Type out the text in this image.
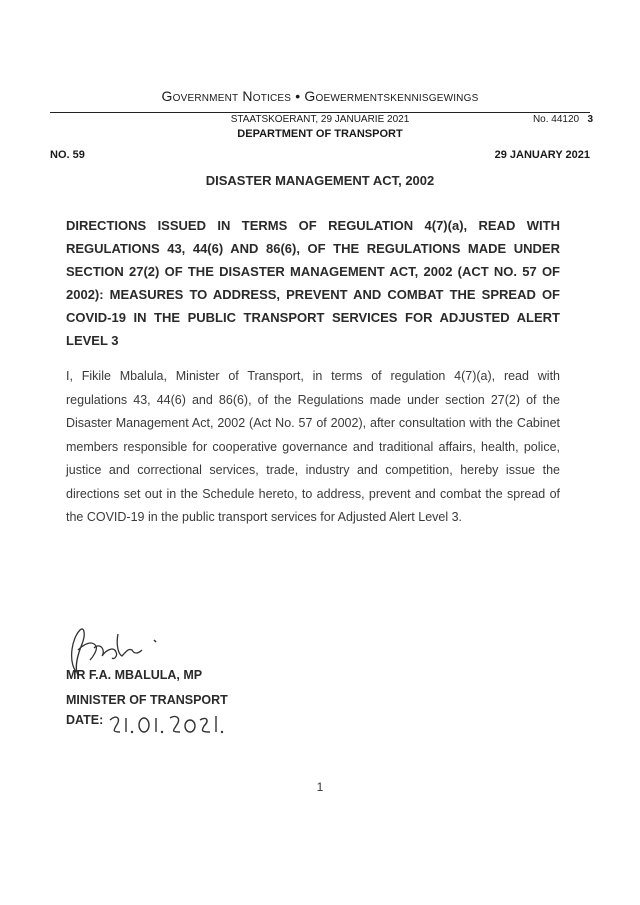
STAATSKOERANT, 29 JANUARIE 2021	No. 44120 3
Government Notices • Goewermentskennisgewings
DEPARTMENT OF TRANSPORT
NO. 59	29 JANUARY 2021
DISASTER MANAGEMENT ACT, 2002
DIRECTIONS ISSUED IN TERMS OF REGULATION 4(7)(a), READ WITH REGULATIONS 43, 44(6) AND 86(6), OF THE REGULATIONS MADE UNDER SECTION 27(2) OF THE DISASTER MANAGEMENT ACT, 2002 (ACT NO. 57 OF 2002): MEASURES TO ADDRESS, PREVENT AND COMBAT THE SPREAD OF COVID-19 IN THE PUBLIC TRANSPORT SERVICES FOR ADJUSTED ALERT LEVEL 3
I, Fikile Mbalula, Minister of Transport, in terms of regulation 4(7)(a), read with regulations 43, 44(6) and 86(6), of the Regulations made under section 27(2) of the Disaster Management Act, 2002 (Act No. 57 of 2002), after consultation with the Cabinet members responsible for cooperative governance and traditional affairs, health, police, justice and correctional services, trade, industry and competition, hereby issue the directions set out in the Schedule hereto, to address, prevent and combat the spread of the COVID-19 in the public transport services for Adjusted Alert Level 3.
MR F.A. MBALULA, MP
MINISTER OF TRANSPORT
DATE:
1
